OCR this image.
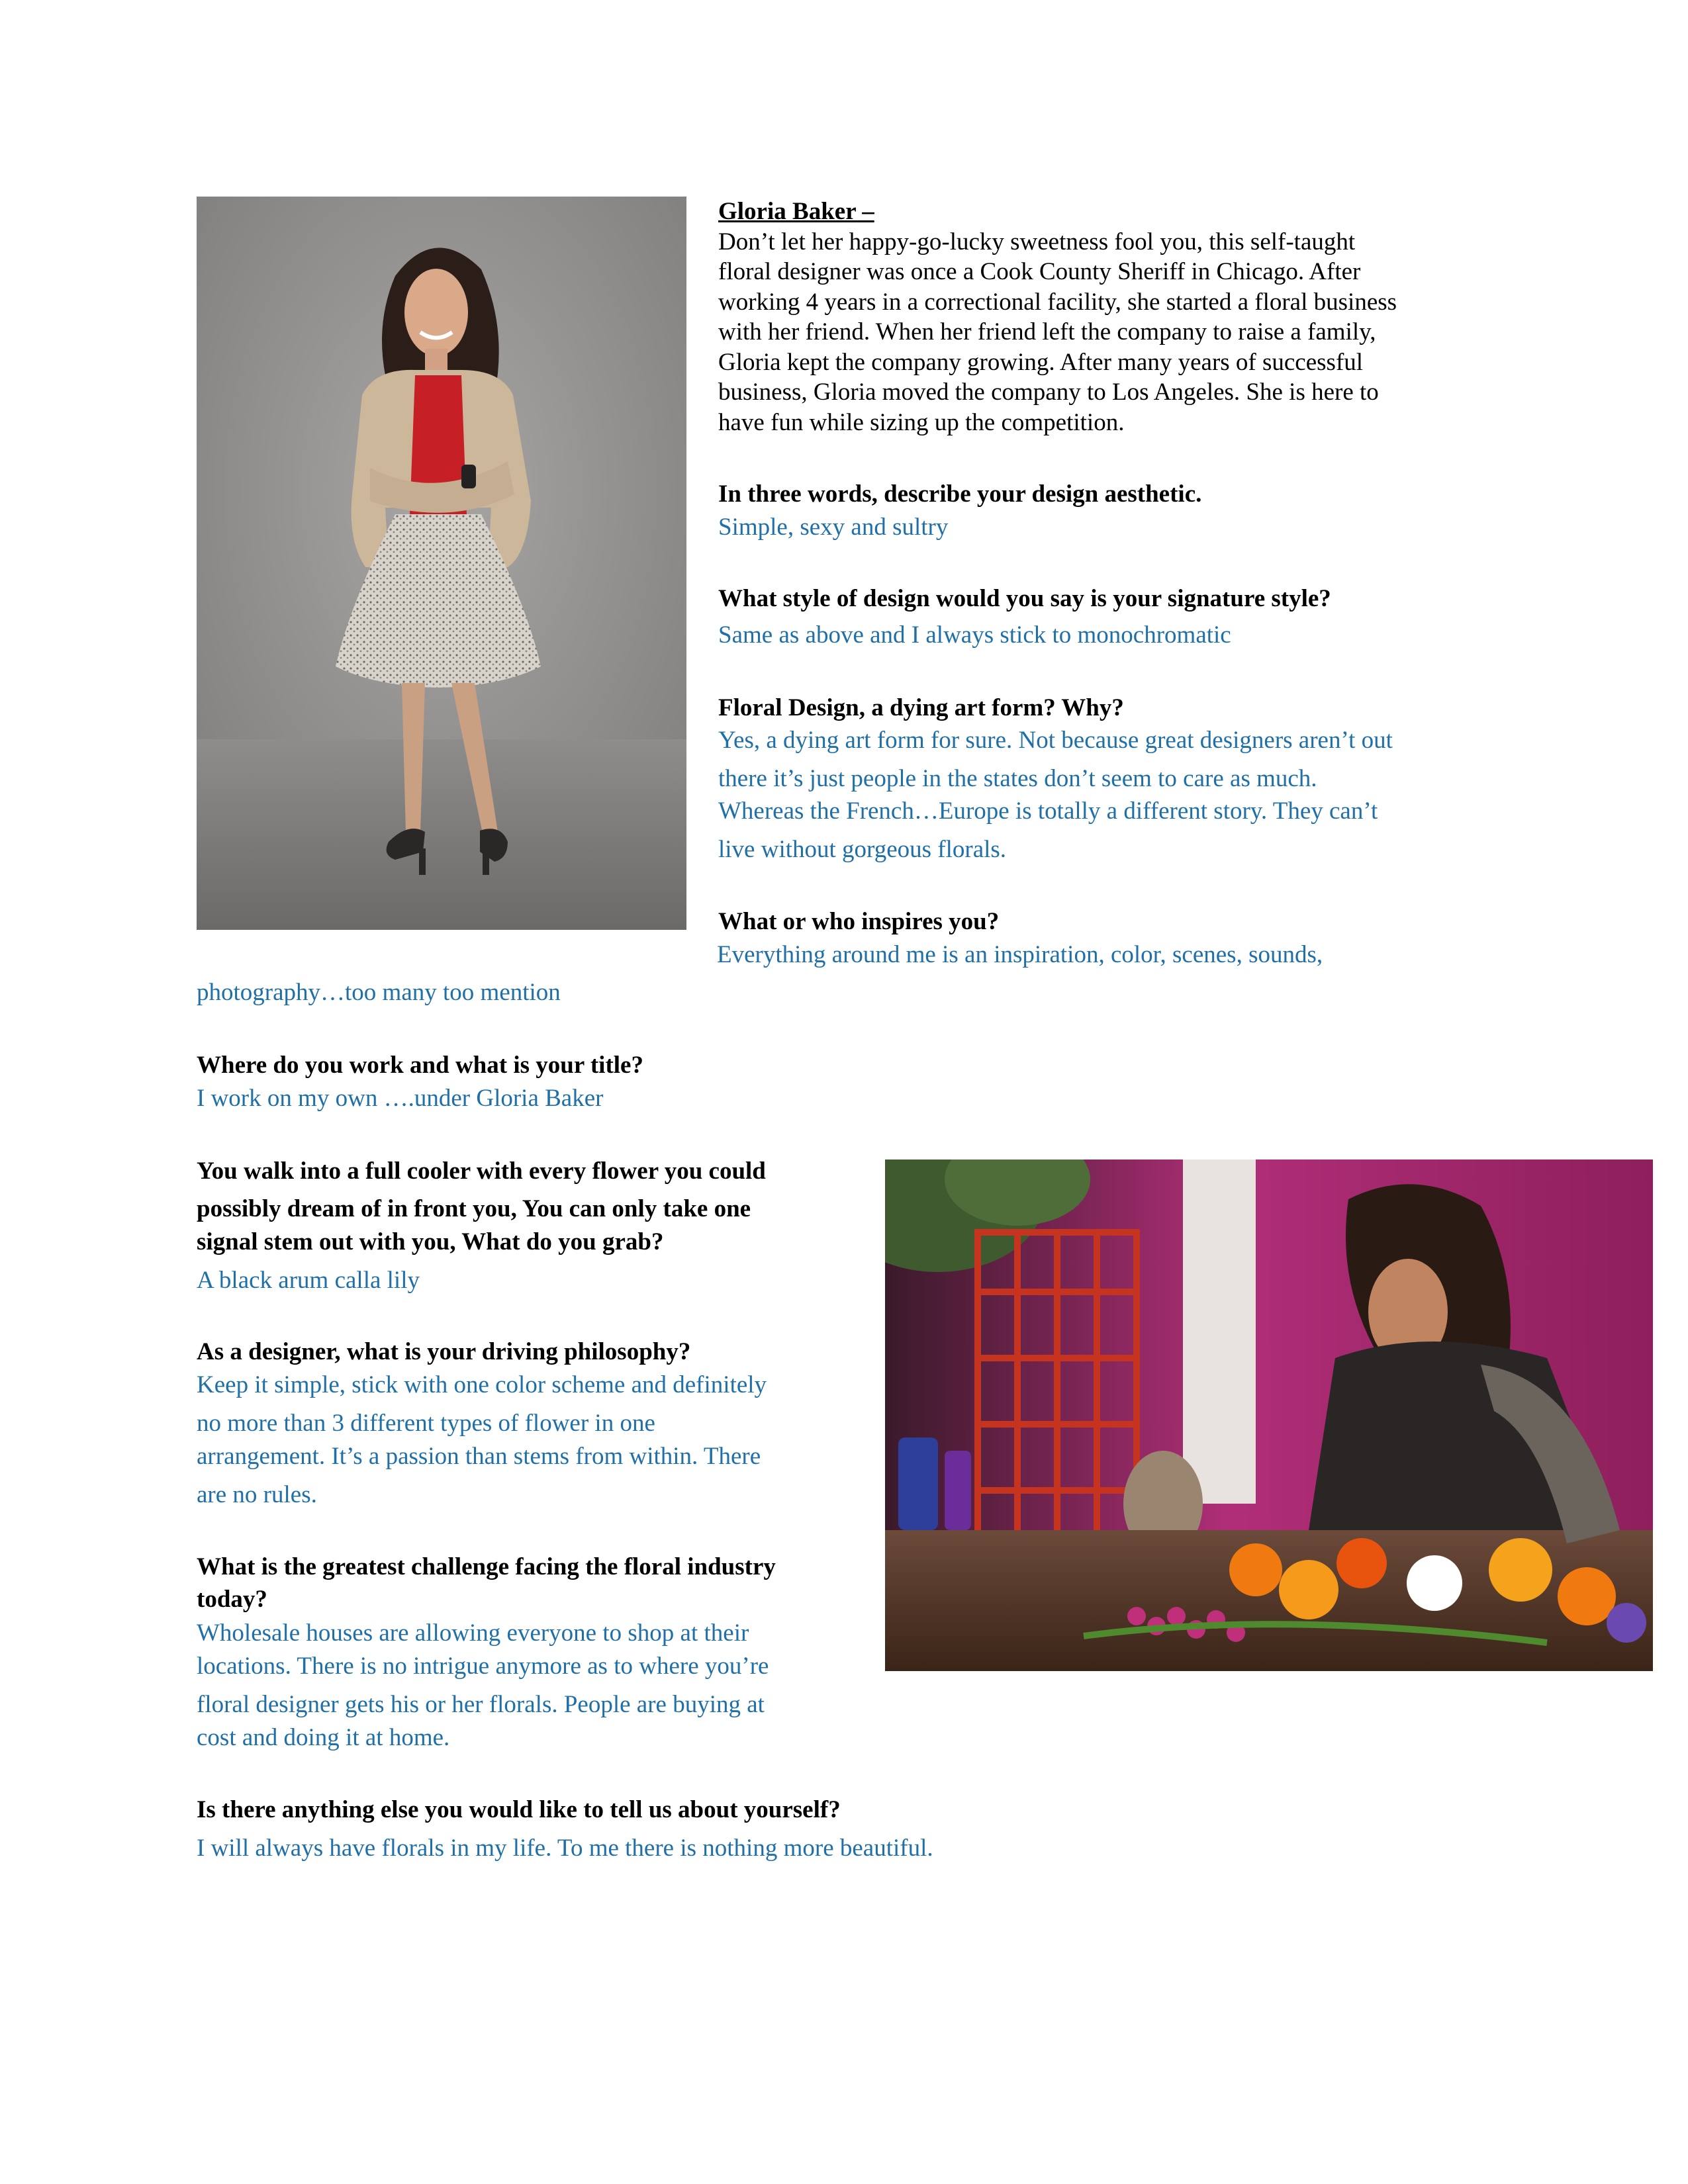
Gloria Baker –
Don’t let her happy-go-lucky sweetness fool you, this self-taught
floral designer was once a Cook County Sheriff in Chicago. After
working 4 years in a correctional facility, she started a floral business
with her friend. When her friend left the company to raise a family,
Gloria kept the company growing. After many years of successful
business, Gloria moved the company to Los Angeles. She is here to
have fun while sizing up the competition.
In three words, describe your design aesthetic.
Simple, sexy and sultry
What style of design would you say is your signature style?
Same as above and I always stick to monochromatic
Floral Design, a dying art form? Why?
Yes, a dying art form for sure. Not because great designers aren’t out
there it’s just people in the states don’t seem to care as much.
Whereas the French…Europe is totally a different story. They can’t
live without gorgeous florals.
What or who inspires you?
Everything around me is an inspiration, color, scenes, sounds,
photography…too many too mention
Where do you work and what is your title?
I work on my own ….under Gloria Baker
You walk into a full cooler with every flower you could
possibly dream of in front you, You can only take one
signal stem out with you, What do you grab?
A black arum calla lily
As a designer, what is your driving philosophy?
Keep it simple, stick with one color scheme and definitely
no more than 3 different types of flower in one
arrangement. It’s a passion than stems from within. There
are no rules.
What is the greatest challenge facing the floral industry
today?
Wholesale houses are allowing everyone to shop at their
locations. There is no intrigue anymore as to where you’re
floral designer gets his or her florals. People are buying at
cost and doing it at home.
Is there anything else you would like to tell us about yourself?
I will always have florals in my life. To me there is nothing more beautiful.
